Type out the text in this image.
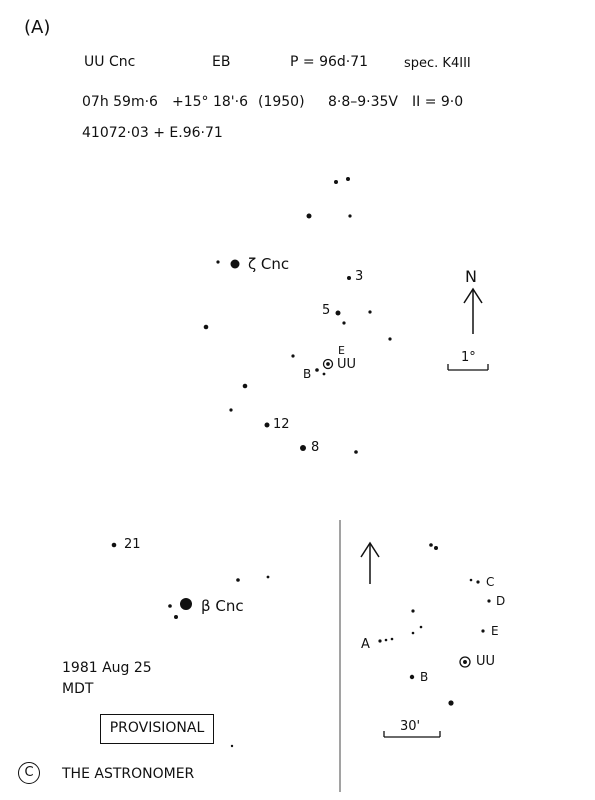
(A)
UU Cnc	EB	P = 96d·71	spec. K4III
07h 59m·6 +15° 18'·6 (1950) 8·8–9·35V II = 9·0
41072·03 + E.96·71
ζ Cnc
3
5
E
B
UU
12
8
21
β Cnc
N
1°
C
D
E
A
UU
B
30'
1981 Aug 25
MDT
PROVISIONAL
C	THE ASTRONOMER
